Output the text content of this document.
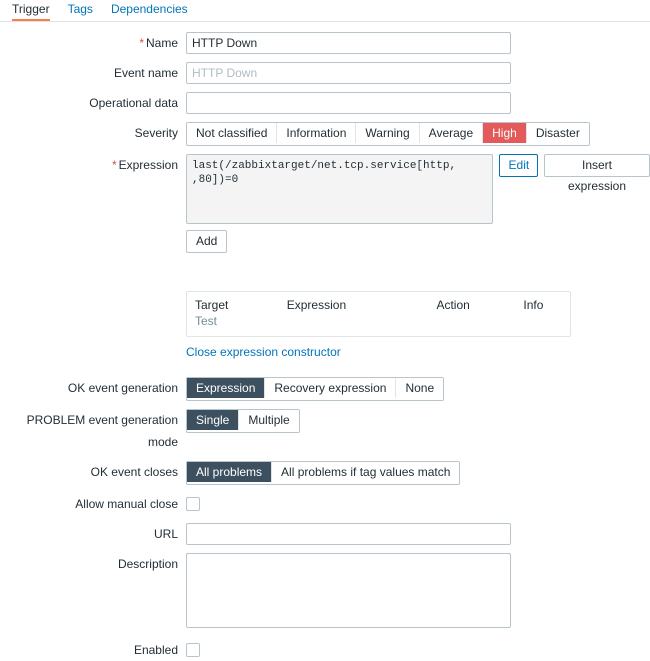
Trigger Tags Dependencies
* Name
HTTP Down
Event name
HTTP Down
Operational data
Severity	Not classified	Information	Warning	Average	High	Disaster
* Expression
last(/zabbixtarget/net.tcp.service[http, ,80])=0	Edit	Insert expression
Add
Target	Expression	Action	Info
Test
Close expression constructor
OK event generation	Expression	Recovery expression	None
PROBLEM event generation mode
Single	Multiple
OK event closes	All problems	All problems if tag values match
Allow manual close
URL
Description
Enabled
